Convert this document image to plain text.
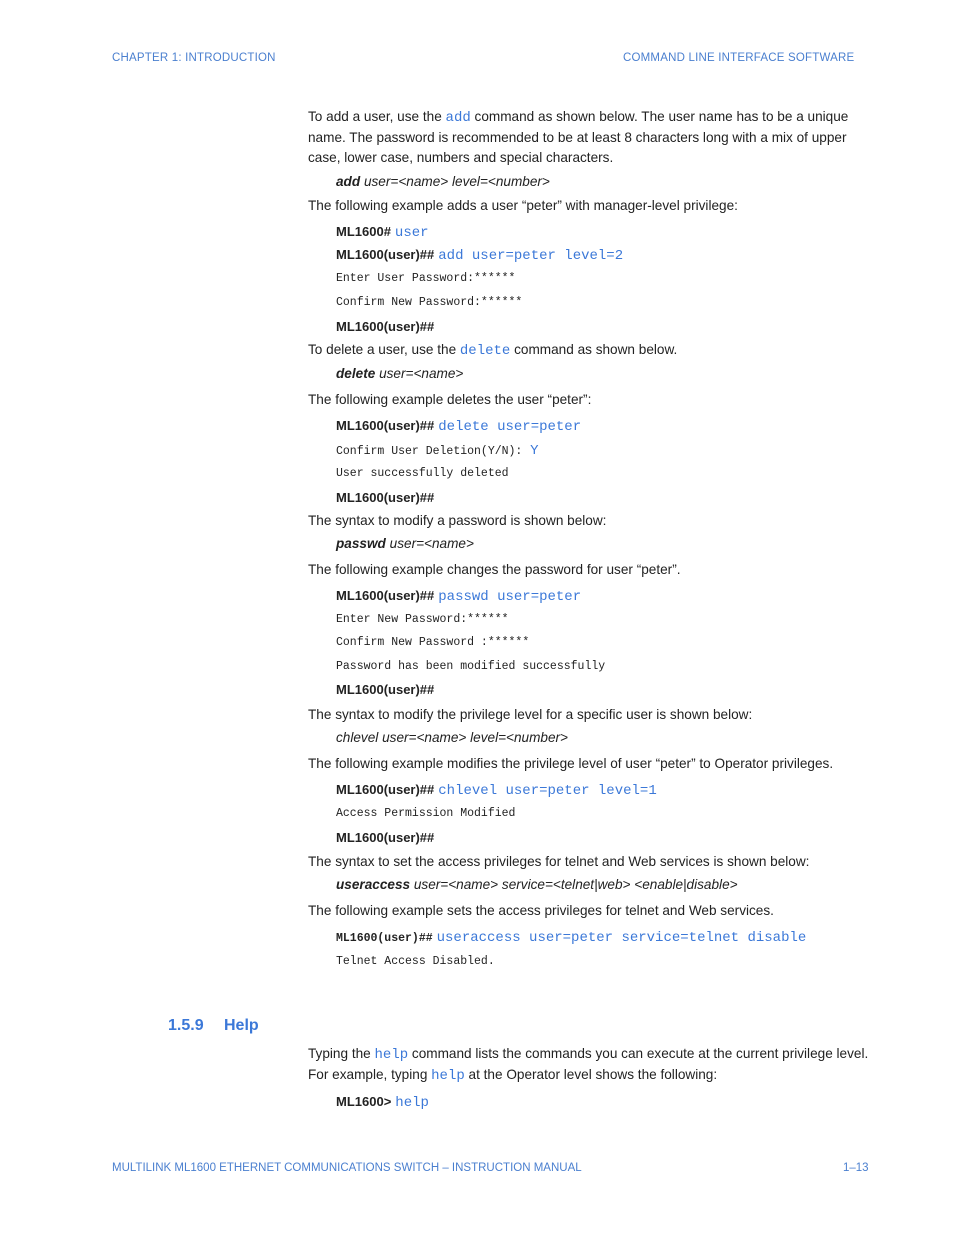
CHAPTER 1: INTRODUCTION	COMMAND LINE INTERFACE SOFTWARE

To add a user, use the add command as shown below. The user name has to be a unique name. The password is recommended to be at least 8 characters long with a mix of upper case, lower case, numbers and special characters.

add user=<name> level=<number>

The following example adds a user “peter” with manager-level privilege:

ML1600# user
ML1600(user)## add user=peter level=2
Enter User Password:******
Confirm New Password:******
ML1600(user)##

To delete a user, use the delete command as shown below.

delete user=<name>

The following example deletes the user “peter”:

ML1600(user)## delete user=peter
Confirm User Deletion(Y/N): Y
User successfully deleted
ML1600(user)##

The syntax to modify a password is shown below:

passwd user=<name>

The following example changes the password for user “peter”.

ML1600(user)## passwd user=peter
Enter New Password:******
Confirm New Password :******
Password has been modified successfully
ML1600(user)##

The syntax to modify the privilege level for a specific user is shown below:

chlevel user=<name> level=<number>

The following example modifies the privilege level of user “peter” to Operator privileges.

ML1600(user)## chlevel user=peter level=1
Access Permission Modified
ML1600(user)##

The syntax to set the access privileges for telnet and Web services is shown below:

useraccess user=<name> service=<telnet|web> <enable|disable>

The following example sets the access privileges for telnet and Web services.

ML1600(user)## useraccess user=peter service=telnet disable
Telnet Access Disabled.
1.5.9 Help

Typing the help command lists the commands you can execute at the current privilege level. For example, typing help at the Operator level shows the following:

ML1600> help
MULTILINK ML1600 ETHERNET COMMUNICATIONS SWITCH – INSTRUCTION MANUAL	1–13
